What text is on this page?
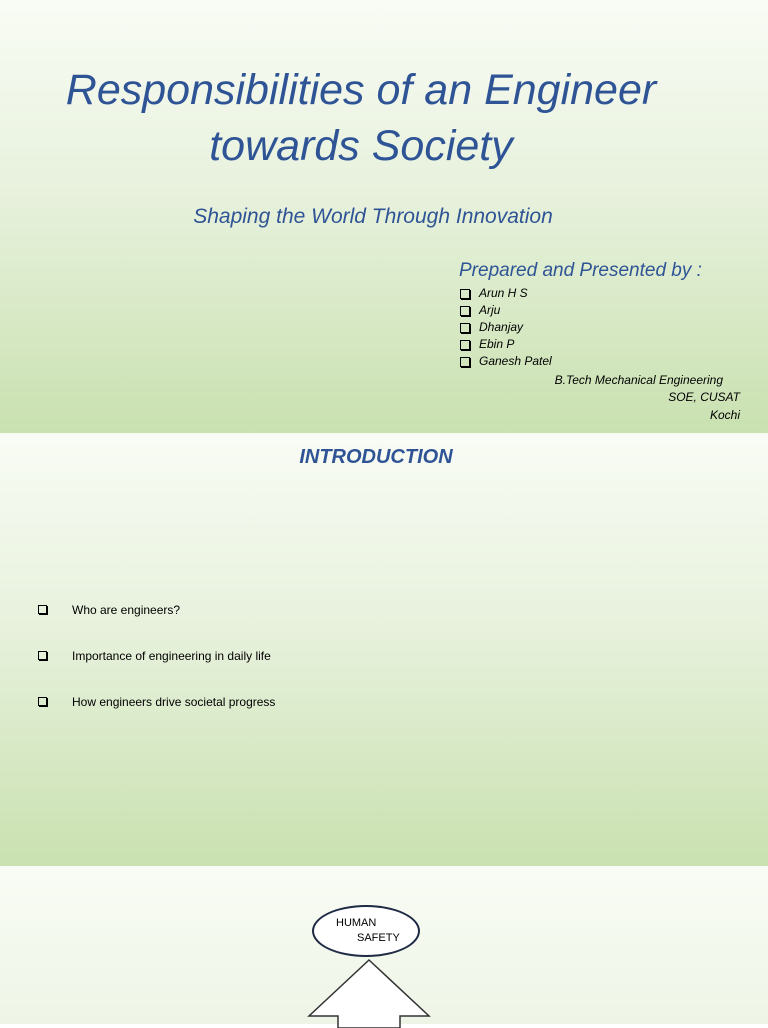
Responsibilities of an Engineer
towards Society
Shaping the World Through Innovation
Prepared and Presented by :
Arun H S
Arju
Dhanjay
Ebin P
Ganesh Patel
B.Tech Mechanical Engineering
SOE, CUSAT
Kochi
INTRODUCTION
Who are engineers?
Importance of engineering in daily life
How engineers drive societal progress
HUMAN
SAFETY
